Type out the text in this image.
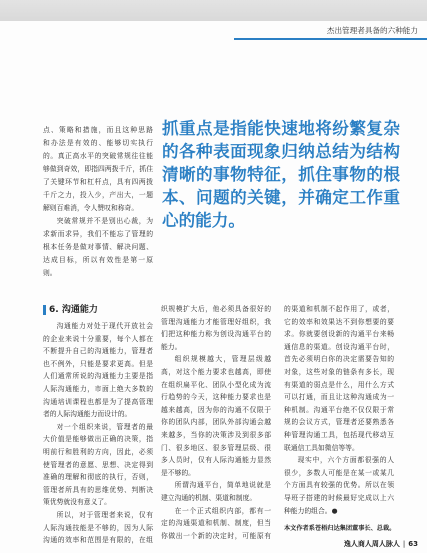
杰出管理者具备的六种能力
点、策略和措施，而且这种思路
和办法是有效的、能够切实执行
的。真正高水平的突破常规往往能
够做到奇效，即指四两拨千斤，抓住
了关键环节和杠杆点，具有四两拨
千斤之力，投入少，产出大，一题
解则百难消，令人赞叹和称奇。
突破常规并不是别出心裁，为
求新而求异，我们不能忘了管理的
根本任务是做对事情、解决问题、
达成目标，所以有效性是第一原
则。
抓重点是指能快速地将纷繁复杂
的各种表面现象归纳总结为结构
清晰的事物特征，抓住事物的根
本、问题的关键，并确定工作重
心的能力。
6. 沟通能力
沟通能力对处于现代开放社会
的企业来说十分重要，每个人都在
不断提升自己的沟通能力，管理者
也不例外，只能是要求更高。但是
人们通常所说的沟通能力主要是指
人际沟通能力，市面上绝大多数的
沟通培训课程也都是为了提高管理
者的人际沟通能力而设计的。
对一个组织来说，管理者的最
大价值是能够做出正确的决策，指
明前行和胜利的方向，因此，必须
使管理者的意愿、思想、决定得到
准确的理解和彻底的执行，否则，
管理者所具有的思维优势、判断决
策优势就没有意义了。
所以，对于管理者来说，仅有
人际沟通技能是不够的，因为人际
沟通的效率和范围是有限的，在组
织规模扩大后，他必须具备很好的
管理沟通能力才能管理好组织，我
们把这种能力称为创设沟通平台的
能力。
组织规模越大，管理层级越
高，对这个能力要求也越高，即使
在组织扁平化、团队小型化成为流
行趋势的今天，这种能力要求也是
越来越高，因为你的沟通不仅限于
你的团队内部，团队外部沟通会越
来越多，当你的决策涉及到很多部
门、很多地区、很多管理层级、很
多人员时，仅有人际沟通能力显然
是不够的。
所谓沟通平台，简单地说就是
建立沟通的机制、渠道和制度。
在一个正式组织内部，都有一
定的沟通渠道和机制、制度，但当
你做出一个新的决定时，可能原有
的渠道和机制不起作用了，或者，
它的效率和效果达不到你想要的要
求。你就要创设新的沟通平台来畅
通信息的渠道。创设沟通平台时，
首先必须明白你的决定需要告知的
对象，这些对象的链条有多长，现
有渠道的弱点是什么，用什么方式
可以打通，而且让这种沟通成为一
种机制。沟通平台绝不仅仅限于常
规的会议方式，管理者还要熟悉各
种管理沟通工具，包括现代移动互
联通信工具如微信等等。
现实中，六个方面都很强的人
很少，多数人可能是在某一或某几
个方面具有较强的优势。所以在领
导班子搭建的时候最好完成以上六
种能力的组合。●
本文作者系苍梧归达集团董事长、总裁。
逸人商人周人脉人 | 63
